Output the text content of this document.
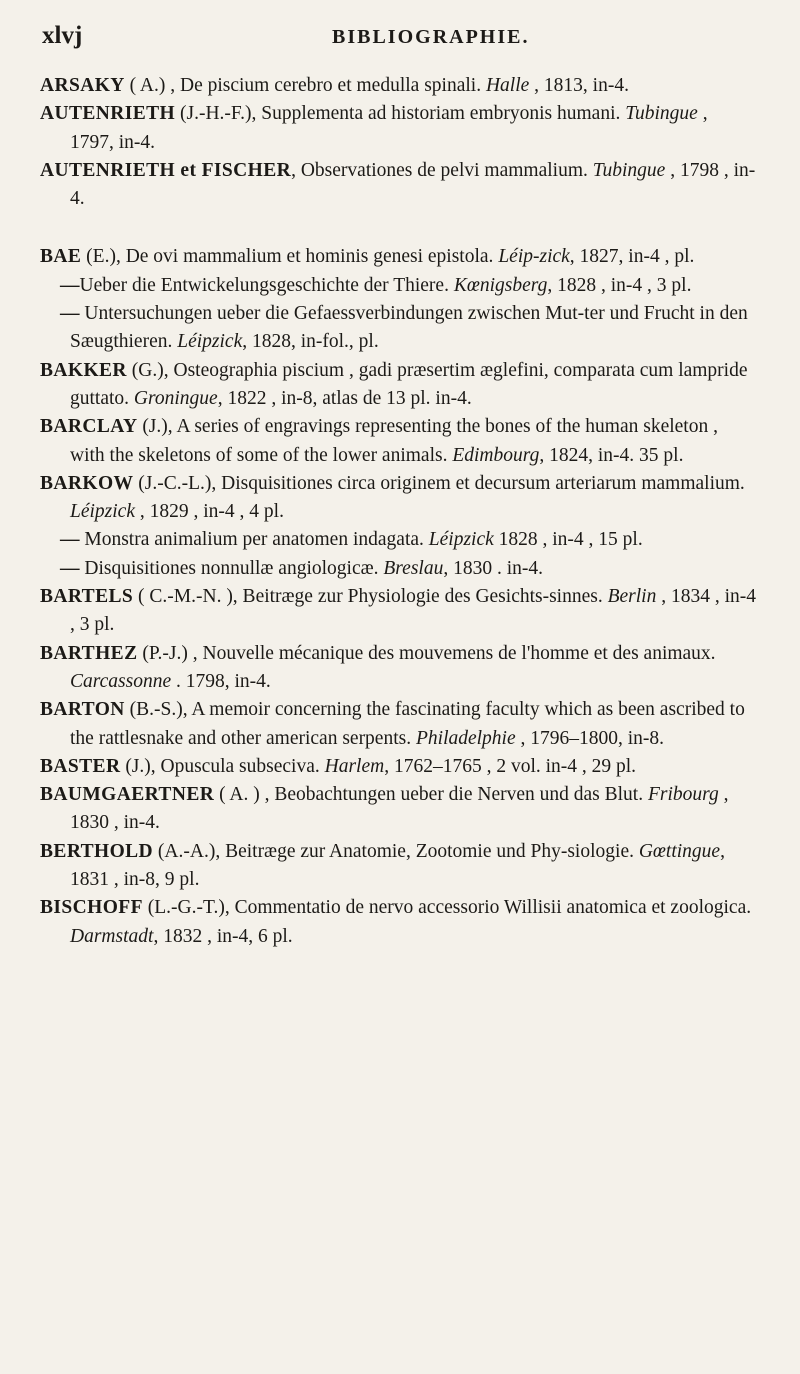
xlvj	BIBLIOGRAPHIE.
ARSAKY ( A.) , De piscium cerebro et medulla spinali. Halle , 1813, in-4.
AUTENRIETH (J.-H.-F.), Supplementa ad historiam embryonis humani. Tubingue , 1797, in-4.
AUTENRIETH et FISCHER, Observationes de pelvi mammalium. Tubingue , 1798 , in-4.
BAE (E.), De ovi mammalium et hominis genesi epistola. Léip-zick, 1827, in-4 , pl.
—Ueber die Entwickelungsgeschichte der Thiere. Kœnigsberg, 1828 , in-4 , 3 pl.
— Untersuchungen ueber die Gefaessverbindungen zwischen Mut-ter und Frucht in den Sæugthieren. Léipzick, 1828, in-fol., pl.
BAKKER (G.), Osteographia piscium , gadi præsertim æglefini, comparata cum lampride guttato. Groningue, 1822 , in-8, atlas de 13 pl. in-4.
BARCLAY (J.), A series of engravings representing the bones of the human skeleton , with the skeletons of some of the lower animals. Edimbourg, 1824, in-4. 35 pl.
BARKOW (J.-C.-L.), Disquisitiones circa originem et decursum arteriarum mammalium. Léipzick , 1829 , in-4 , 4 pl.
— Monstra animalium per anatomen indagata. Léipzick 1828 , in-4 , 15 pl.
— Disquisitiones nonnullæ angiologicæ. Breslau, 1830 . in-4.
BARTELS ( C.-M.-N. ), Beitræge zur Physiologie des Gesichts-sinnes. Berlin , 1834 , in-4 , 3 pl.
BARTHEZ (P.-J.) , Nouvelle mécanique des mouvemens de l'homme et des animaux. Carcassonne . 1798, in-4.
BARTON (B.-S.), A memoir concerning the fascinating faculty which as been ascribed to the rattlesnake and other american serpents. Philadelphie , 1796–1800, in-8.
BASTER (J.), Opuscula subseciva. Harlem, 1762–1765 , 2 vol. in-4 , 29 pl.
BAUMGAERTNER ( A. ) , Beobachtungen ueber die Nerven und das Blut. Fribourg , 1830 , in-4.
BERTHOLD (A.-A.), Beitræge zur Anatomie, Zootomie und Phy-siologie. Gœttingue, 1831 , in-8, 9 pl.
BISCHOFF (L.-G.-T.), Commentatio de nervo accessorio Willisii anatomica et zoologica. Darmstadt, 1832 , in-4, 6 pl.
